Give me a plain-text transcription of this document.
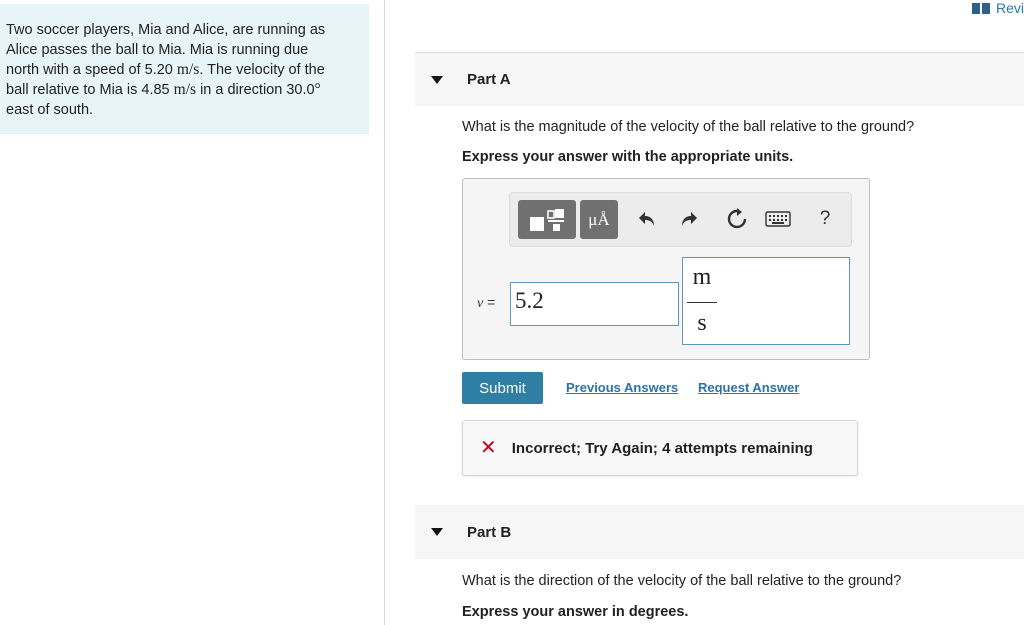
Two soccer players, Mia and Alice, are running as
Alice passes the ball to Mia. Mia is running due
north with a speed of 5.20 m/s. The velocity of the
ball relative to Mia is 4.85 m/s in a direction 30.0°
east of south.
Revi
Part A
What is the magnitude of the velocity of the ball relative to the ground?
Express your answer with the appropriate units.
μÅ	?
v = 5.2
m
s
Submit	Previous Answers Request Answer
✕ Incorrect; Try Again; 4 attempts remaining
Part B
What is the direction of the velocity of the ball relative to the ground?
Express your answer in degrees.
